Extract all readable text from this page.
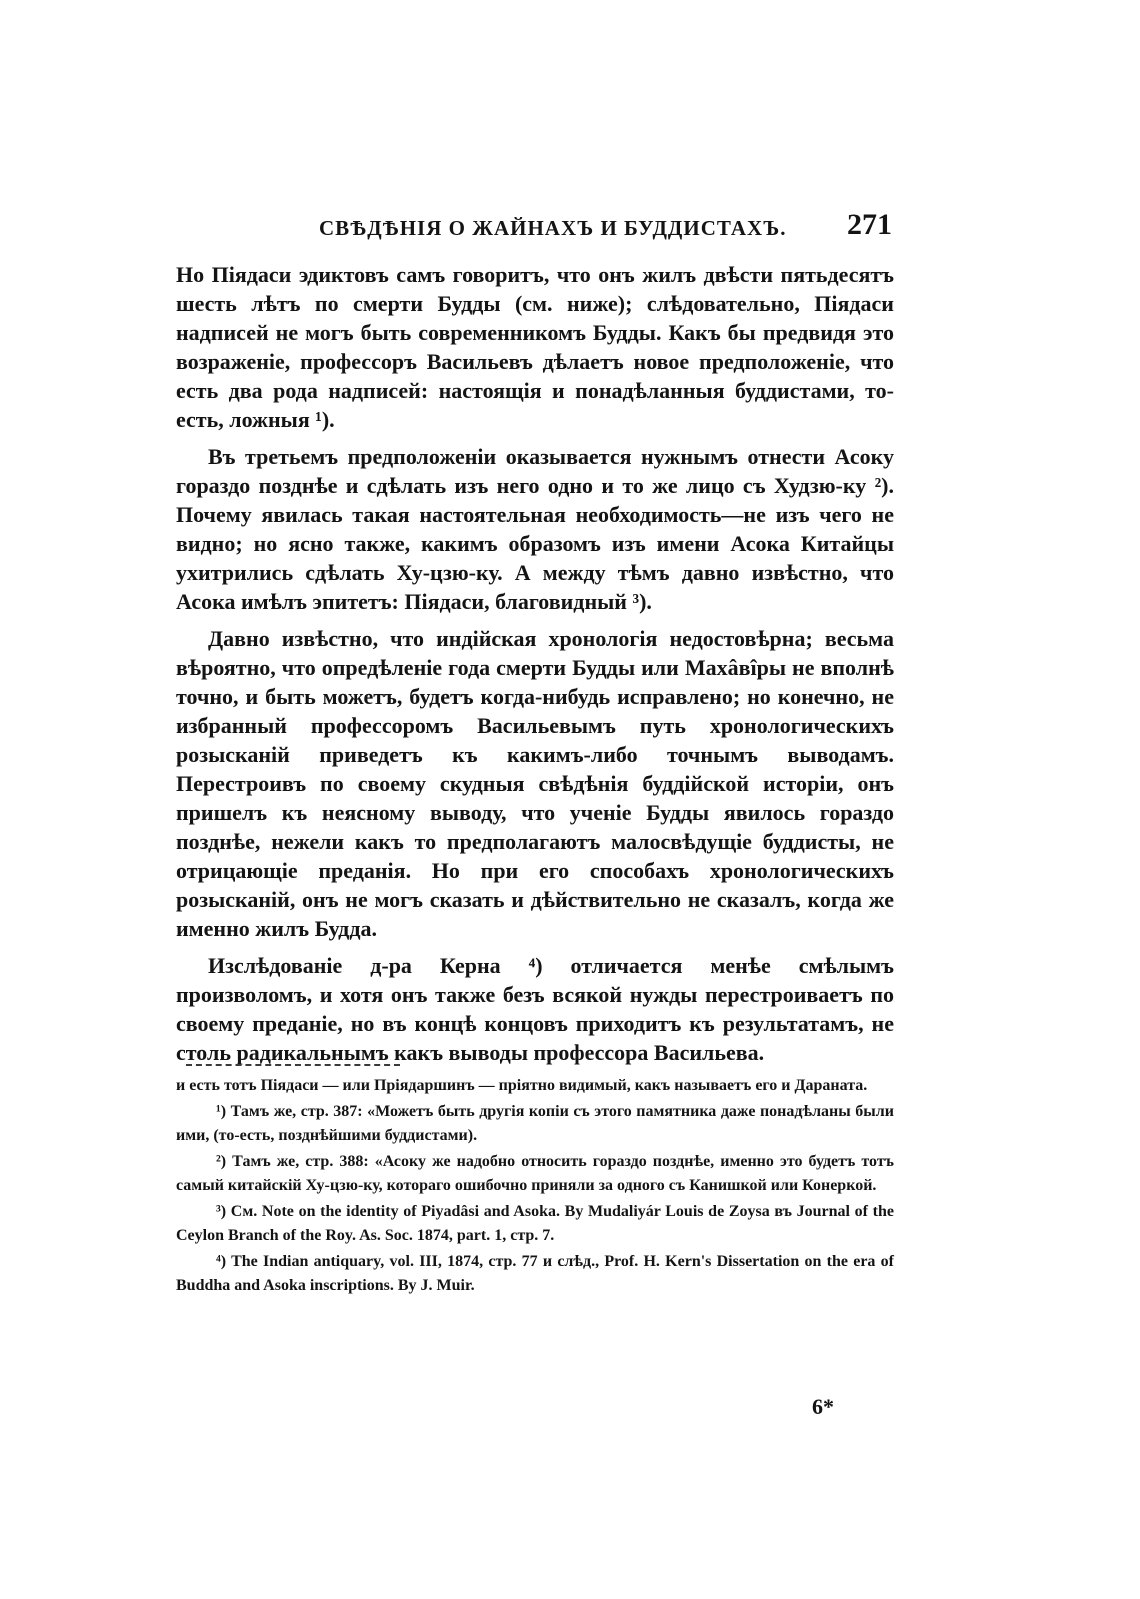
СВѢДѢНІЯ О ЖАЙНАХЪ И БУДДИСТАХЪ. 271

Но Піядаси эдиктовъ самъ говоритъ, что онъ жилъ двѣсти пятьдесятъ шесть лѣтъ по смерти Будды (см. ниже); слѣдовательно, Піядаси надписей не могъ быть современникомъ Будды. Какъ бы предвидя это возраженіе, профессоръ Васильевъ дѣлаетъ новое предположеніе, что есть два рода надписей: настоящія и понадѣланныя буддистами, то-есть, ложныя ¹).

Въ третьемъ предположеніи оказывается нужнымъ отнести Асоку гораздо позднѣе и сдѣлать изъ него одно и то же лицо съ Худзю-ку ²). Почему явилась такая настоятельная необходимость—не изъ чего не видно; но ясно также, какимъ образомъ изъ имени Асока Китайцы ухитрились сдѣлать Ху-цзю-ку. А между тѣмъ давно извѣстно, что Асока имѣлъ эпитетъ: Піядаси, благовидный ³).

Давно извѣстно, что индійская хронологія недостовѣрна; весьма вѣроятно, что опредѣленіе года смерти Будды или Махâвîры не вполнѣ точно, и быть можетъ, будетъ когда-нибудь исправлено; но конечно, не избранный профессоромъ Васильевымъ путь хронологическихъ розысканій приведетъ къ какимъ-либо точнымъ выводамъ. Перестроивъ по своему скудныя свѣдѣнія буддійской исторіи, онъ пришелъ къ неясному выводу, что ученіе Будды явилось гораздо позднѣе, нежели какъ то предполагаютъ малосвѣдущіе буддисты, не отрицающіе преданія. Но при его способахъ хронологическихъ розысканій, онъ не могъ сказать и дѣйствительно не сказалъ, когда же именно жилъ Будда.

Изслѣдованіе д-ра Керна ⁴) отличается менѣе смѣлымъ произволомъ, и хотя онъ также безъ всякой нужды перестроиваетъ по своему преданіе, но въ концѣ концовъ приходитъ къ результатамъ, не столь радикальнымъ какъ выводы профессора Васильева.

и есть тотъ Піядаси — или Пріядаршинъ — пріятно видимый, какъ называетъ его и Дараната.

¹) Тамъ же, стр. 387: «Можетъ быть другія копіи съ этого памятника даже понадѣланы были ими, (то-есть, позднѣйшими буддистами).

²) Тамъ же, стр. 388: «Асоку же надобно относить гораздо позднѣе, именно это будетъ тотъ самый китайскій Ху-цзю-ку, котораго ошибочно приняли за одного съ Канишкой или Конеркой.

³) См. Note on the identity of Piyadâsi and Asoka. By Mudaliyár Louis de Zoysa въ Journal of the Ceylon Branch of the Roy. As. Soc. 1874, part. 1, стр. 7.

⁴) The Indian antiquary, vol. III, 1874, стр. 77 и слѣд., Prof. H. Kern's Dissertation on the era of Buddha and Asoka inscriptions. By J. Muir.

6*
